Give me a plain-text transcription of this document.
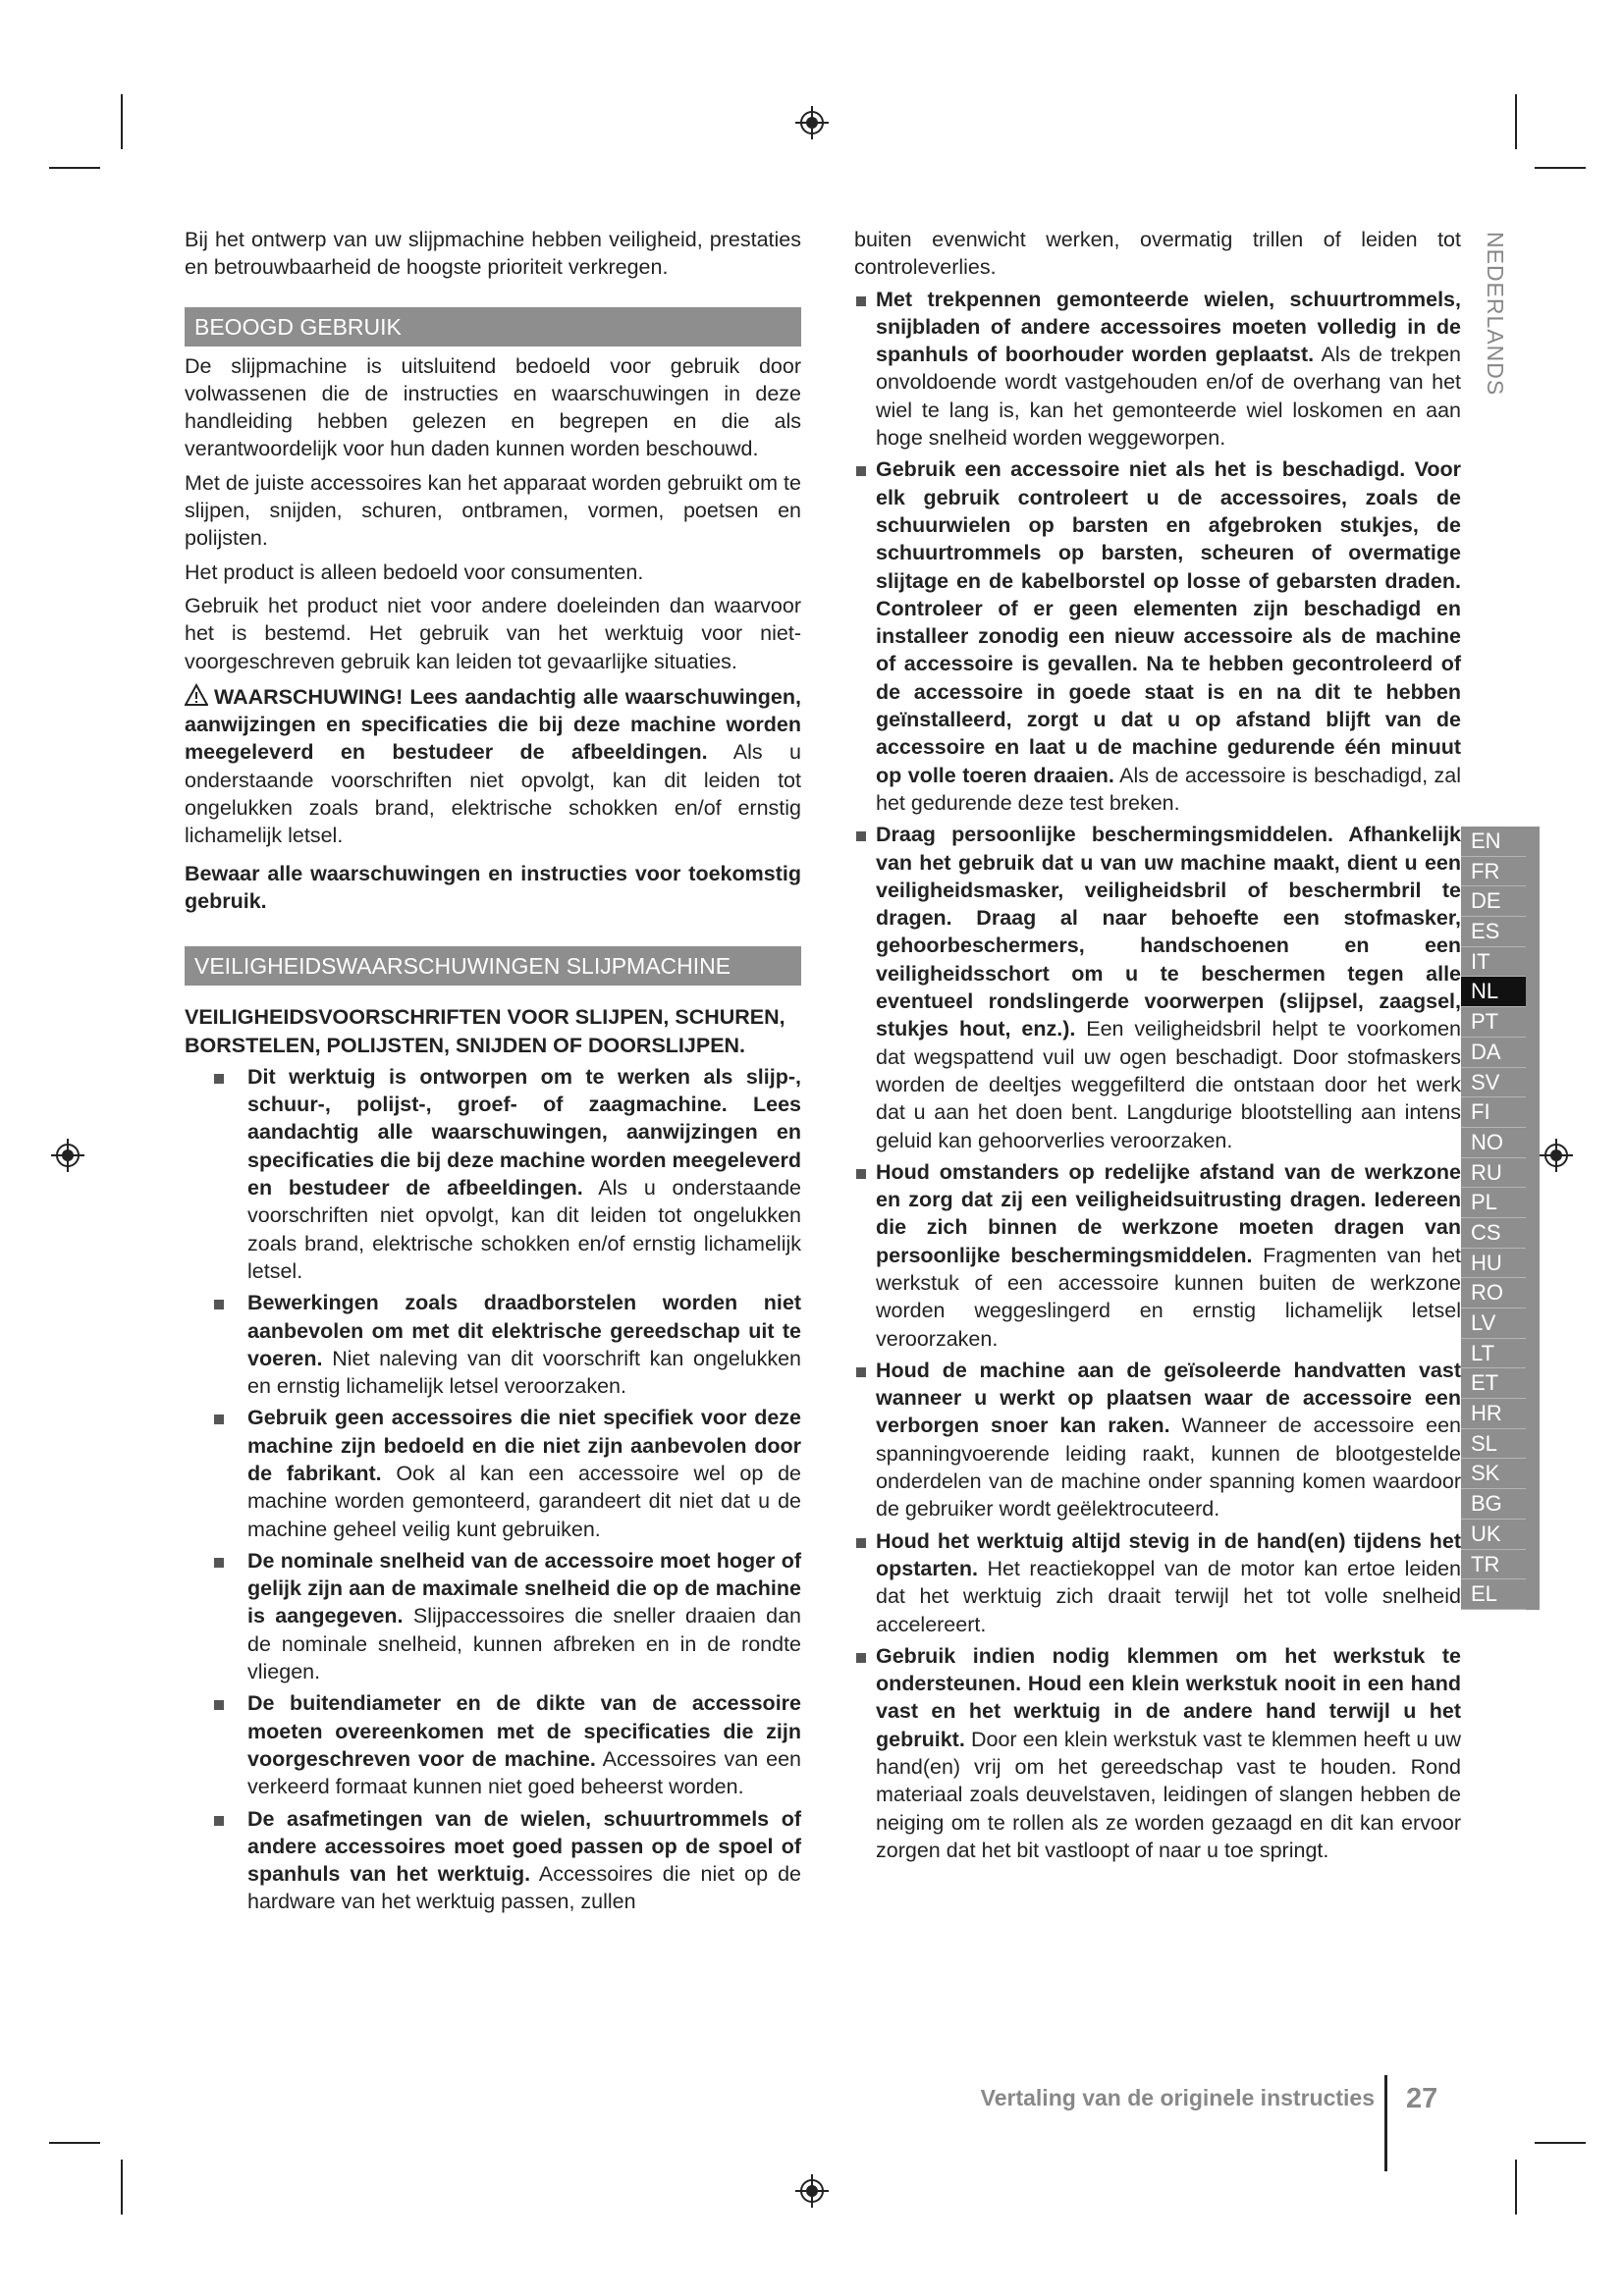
NEDERLANDS

Bij het ontwerp van uw slijpmachine hebben veiligheid, prestaties en betrouwbaarheid de hoogste prioriteit verkregen.

BEOOGD GEBRUIK

De slijpmachine is uitsluitend bedoeld voor gebruik door volwassenen die de instructies en waarschuwingen in deze handleiding hebben gelezen en begrepen en die als verantwoordelijk voor hun daden kunnen worden beschouwd.

Met de juiste accessoires kan het apparaat worden gebruikt om te slijpen, snijden, schuren, ontbramen, vormen, poetsen en polijsten.

Het product is alleen bedoeld voor consumenten.

Gebruik het product niet voor andere doeleinden dan waarvoor het is bestemd. Het gebruik van het werktuig voor niet-voorgeschreven gebruik kan leiden tot gevaarlijke situaties.

WAARSCHUWING! Lees aandachtig alle waarschuwingen, aanwijzingen en specificaties die bij deze machine worden meegeleverd en bestudeer de afbeeldingen. Als u onderstaande voorschriften niet opvolgt, kan dit leiden tot ongelukken zoals brand, elektrische schokken en/of ernstig lichamelijk letsel.

Bewaar alle waarschuwingen en instructies voor toekomstig gebruik.

VEILIGHEIDSWAARSCHUWINGEN SLIJPMACHINE

VEILIGHEIDSVOORSCHRIFTEN VOOR SLIJPEN, SCHUREN, BORSTELEN, POLIJSTEN, SNIJDEN OF DOORSLIJPEN.

Dit werktuig is ontworpen om te werken als slijp-, schuur-, polijst-, groef- of zaagmachine. Lees aandachtig alle waarschuwingen, aanwijzingen en specificaties die bij deze machine worden meegeleverd en bestudeer de afbeeldingen. Als u onderstaande voorschriften niet opvolgt, kan dit leiden tot ongelukken zoals brand, elektrische schokken en/of ernstig lichamelijk letsel.
Bewerkingen zoals draadborstelen worden niet aanbevolen om met dit elektrische gereedschap uit te voeren. Niet naleving van dit voorschrift kan ongelukken en ernstig lichamelijk letsel veroorzaken.
Gebruik geen accessoires die niet specifiek voor deze machine zijn bedoeld en die niet zijn aanbevolen door de fabrikant. Ook al kan een accessoire wel op de machine worden gemonteerd, garandeert dit niet dat u de machine geheel veilig kunt gebruiken.
De nominale snelheid van de accessoire moet hoger of gelijk zijn aan de maximale snelheid die op de machine is aangegeven. Slijpaccessoires die sneller draaien dan de nominale snelheid, kunnen afbreken en in de rondte vliegen.
De buitendiameter en de dikte van de accessoire moeten overeenkomen met de specificaties die zijn voorgeschreven voor de machine. Accessoires van een verkeerd formaat kunnen niet goed beheerst worden.
De asafmetingen van de wielen, schuurtrommels of andere accessoires moet goed passen op de spoel of spanhuls van het werktuig. Accessoires die niet op de hardware van het werktuig passen, zullen

buiten evenwicht werken, overmatig trillen of leiden tot controleverlies.

Met trekpennen gemonteerde wielen, schuurtrommels, snijbladen of andere accessoires moeten volledig in de spanhuls of boorhouder worden geplaatst. Als de trekpen onvoldoende wordt vastgehouden en/of de overhang van het wiel te lang is, kan het gemonteerde wiel loskomen en aan hoge snelheid worden weggeworpen.
Gebruik een accessoire niet als het is beschadigd. Voor elk gebruik controleert u de accessoires, zoals de schuurwielen op barsten en afgebroken stukjes, de schuurtrommels op barsten, scheuren of overmatige slijtage en de kabelborstel op losse of gebarsten draden. Controleer of er geen elementen zijn beschadigd en installeer zonodig een nieuw accessoire als de machine of accessoire is gevallen. Na te hebben gecontroleerd of de accessoire in goede staat is en na dit te hebben geïnstalleerd, zorgt u dat u op afstand blijft van de accessoire en laat u de machine gedurende één minuut op volle toeren draaien. Als de accessoire is beschadigd, zal het gedurende deze test breken.
Draag persoonlijke beschermingsmiddelen. Afhankelijk van het gebruik dat u van uw machine maakt, dient u een veiligheidsmasker, veiligheidsbril of beschermbril te dragen. Draag al naar behoefte een stofmasker, gehoorbeschermers, handschoenen en een veiligheidsschort om u te beschermen tegen alle eventueel rondslingerde voorwerpen (slijpsel, zaagsel, stukjes hout, enz.). Een veiligheidsbril helpt te voorkomen dat wegspattend vuil uw ogen beschadigt. Door stofmaskers worden de deeltjes weggefilterd die ontstaan door het werk dat u aan het doen bent. Langdurige blootstelling aan intens geluid kan gehoorverlies veroorzaken.
Houd omstanders op redelijke afstand van de werkzone en zorg dat zij een veiligheidsuitrusting dragen. Iedereen die zich binnen de werkzone moeten dragen van persoonlijke beschermingsmiddelen. Fragmenten van het werkstuk of een accessoire kunnen buiten de werkzone worden weggeslingerd en ernstig lichamelijk letsel veroorzaken.
Houd de machine aan de geïsoleerde handvatten vast wanneer u werkt op plaatsen waar de accessoire een verborgen snoer kan raken. Wanneer de accessoire een spanningvoerende leiding raakt, kunnen de blootgestelde onderdelen van de machine onder spanning komen waardoor de gebruiker wordt geëlektrocuteerd.
Houd het werktuig altijd stevig in de hand(en) tijdens het opstarten. Het reactiekoppel van de motor kan ertoe leiden dat het werktuig zich draait terwijl het tot volle snelheid accelereert.
Gebruik indien nodig klemmen om het werkstuk te ondersteunen. Houd een klein werkstuk nooit in een hand vast en het werktuig in de andere hand terwijl u het gebruikt. Door een klein werkstuk vast te klemmen heeft u uw hand(en) vrij om het gereedschap vast te houden. Rond materiaal zoals deuvelstaven, leidingen of slangen hebben de neiging om te rollen als ze worden gezaagd en dit kan ervoor zorgen dat het bit vastloopt of naar u toe springt.
EN
FR
DE
ES
IT
NL
PT
DA
SV
FI
NO
RU
PL
CS
HU
RO
LV
LT
ET
HR
SL
SK
BG
UK
TR
EL
Vertaling van de originele instructies 27
